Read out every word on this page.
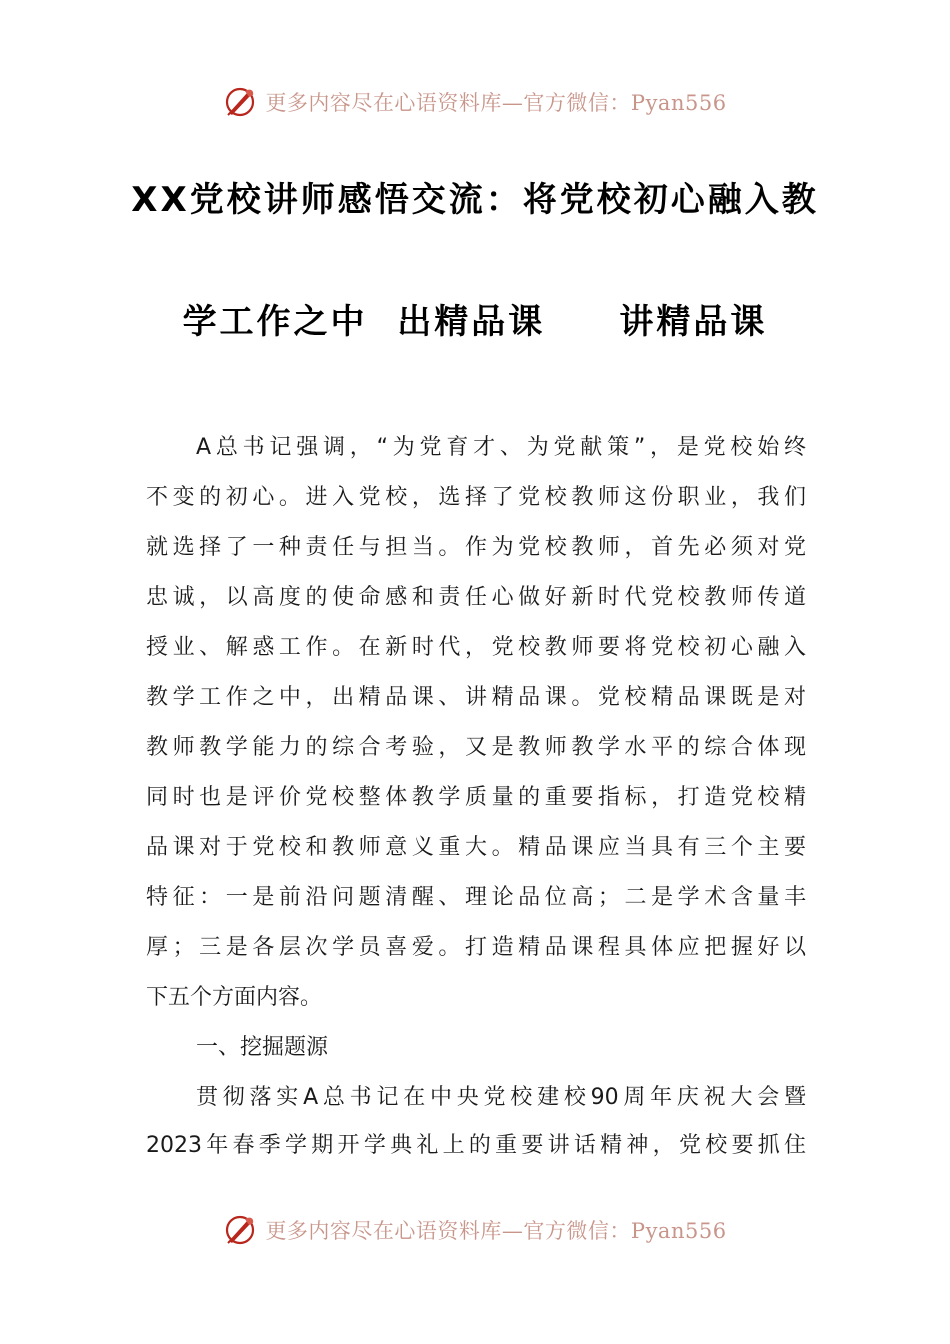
更多内容尽在心语资料库—官方微信：Pyan556
XX党校讲师感悟交流：将党校初心融入教
学工作之中  出精品课     讲精品课
A总书记强调，“为党育才、为党献策”，是党校始终
不变的初心。进入党校，选择了党校教师这份职业，我们
就选择了一种责任与担当。作为党校教师，首先必须对党
忠诚，以高度的使命感和责任心做好新时代党校教师传道
授业、解惑工作。在新时代，党校教师要将党校初心融入
教学工作之中，出精品课、讲精品课。党校精品课既是对
教师教学能力的综合考验，又是教师教学水平的综合体现
同时也是评价党校整体教学质量的重要指标，打造党校精
品课对于党校和教师意义重大。精品课应当具有三个主要
特征：一是前沿问题清醒、理论品位高；二是学术含量丰
厚；三是各层次学员喜爱。打造精品课程具体应把握好以
下五个方面内容。
一、挖掘题源
贯彻落实A总书记在中央党校建校90周年庆祝大会暨
2023年春季学期开学典礼上的重要讲话精神，党校要抓住
更多内容尽在心语资料库—官方微信：Pyan556
